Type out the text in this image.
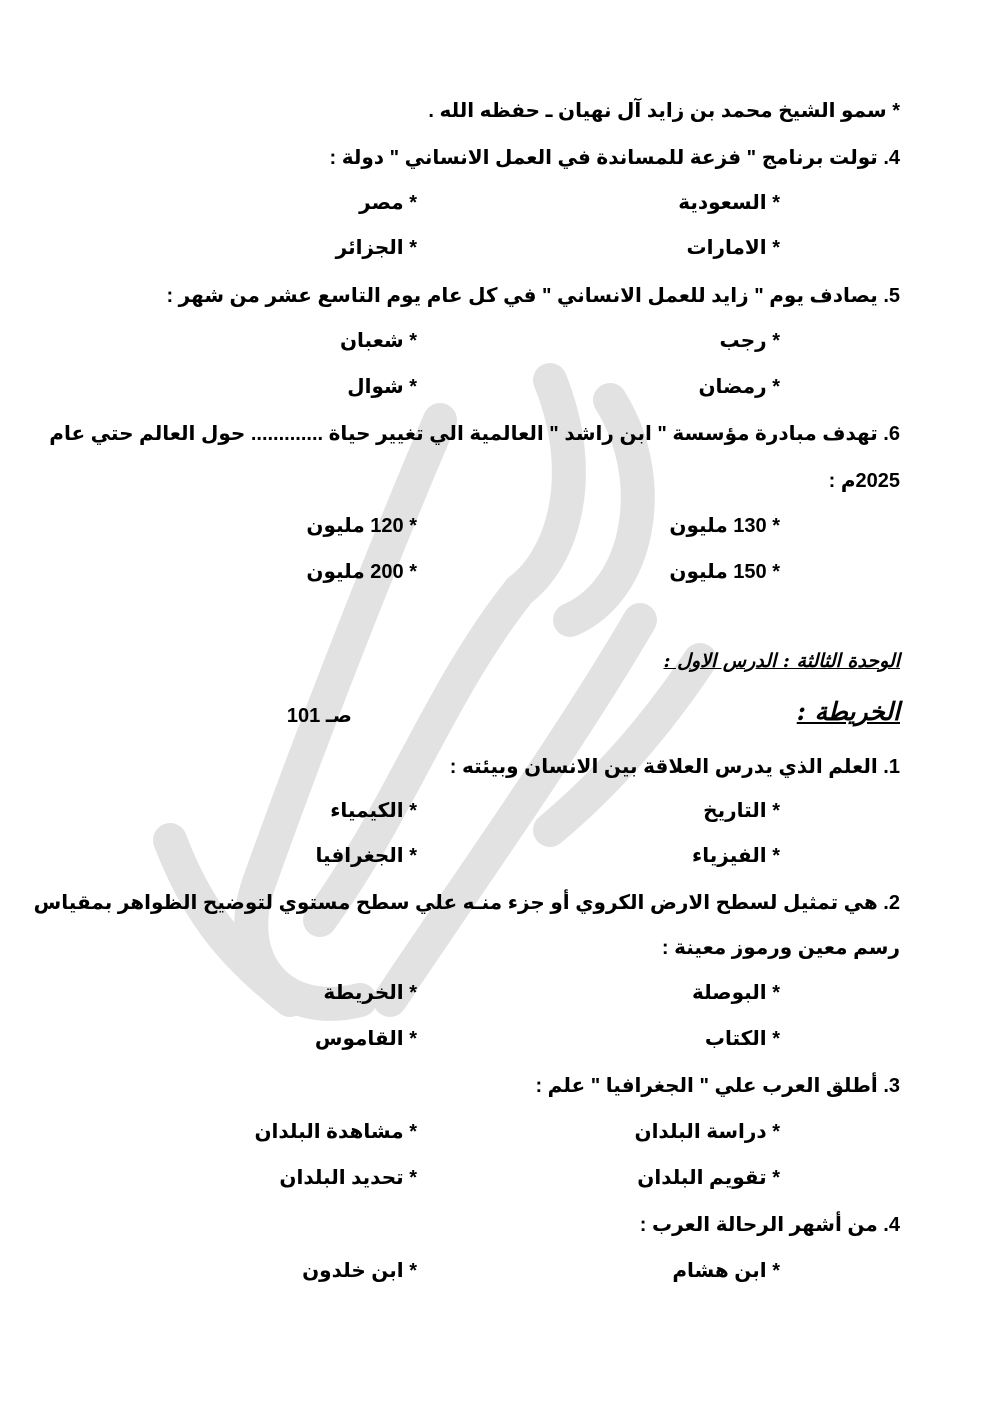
* سمو الشيخ محمد بن زايد آل نهيان ـ حفظه الله .
4. تولت برنامج " فزعة للمساندة في العمل الانساني " دولة :
* السعودية
* مصر
* الامارات
* الجزائر
5. يصادف يوم " زايد للعمل الانساني " في كل عام يوم التاسع عشر من شهر :
* رجب
* شعبان
* رمضان
* شوال
6. تهدف مبادرة مؤسسة " ابن راشد " العالمية الي تغيير حياة ............. حول العالم حتي عام
2025م :
* 130 مليون
* 120 مليون
* 150 مليون
* 200 مليون
الوحدة الثالثة : الدرس الاول :
الخريطة :
صـ 101
1. العلم الذي يدرس العلاقة بين الانسان وبيئته :
* التاريخ
* الكيمياء
* الفيزياء
* الجغرافيا
2. هي تمثيل لسطح الارض الكروي أو جزء منـه علي سطح مستوي لتوضيح الظواهر بمقياس
رسم معين ورموز معينة :
* البوصلة
* الخريطة
* الكتاب
* القاموس
3. أطلق العرب علي " الجغرافيا " علم :
* دراسة البلدان
* مشاهدة البلدان
* تقويم البلدان
* تحديد البلدان
4. من أشهر الرحالة العرب :
* ابن هشام
* ابن خلدون
